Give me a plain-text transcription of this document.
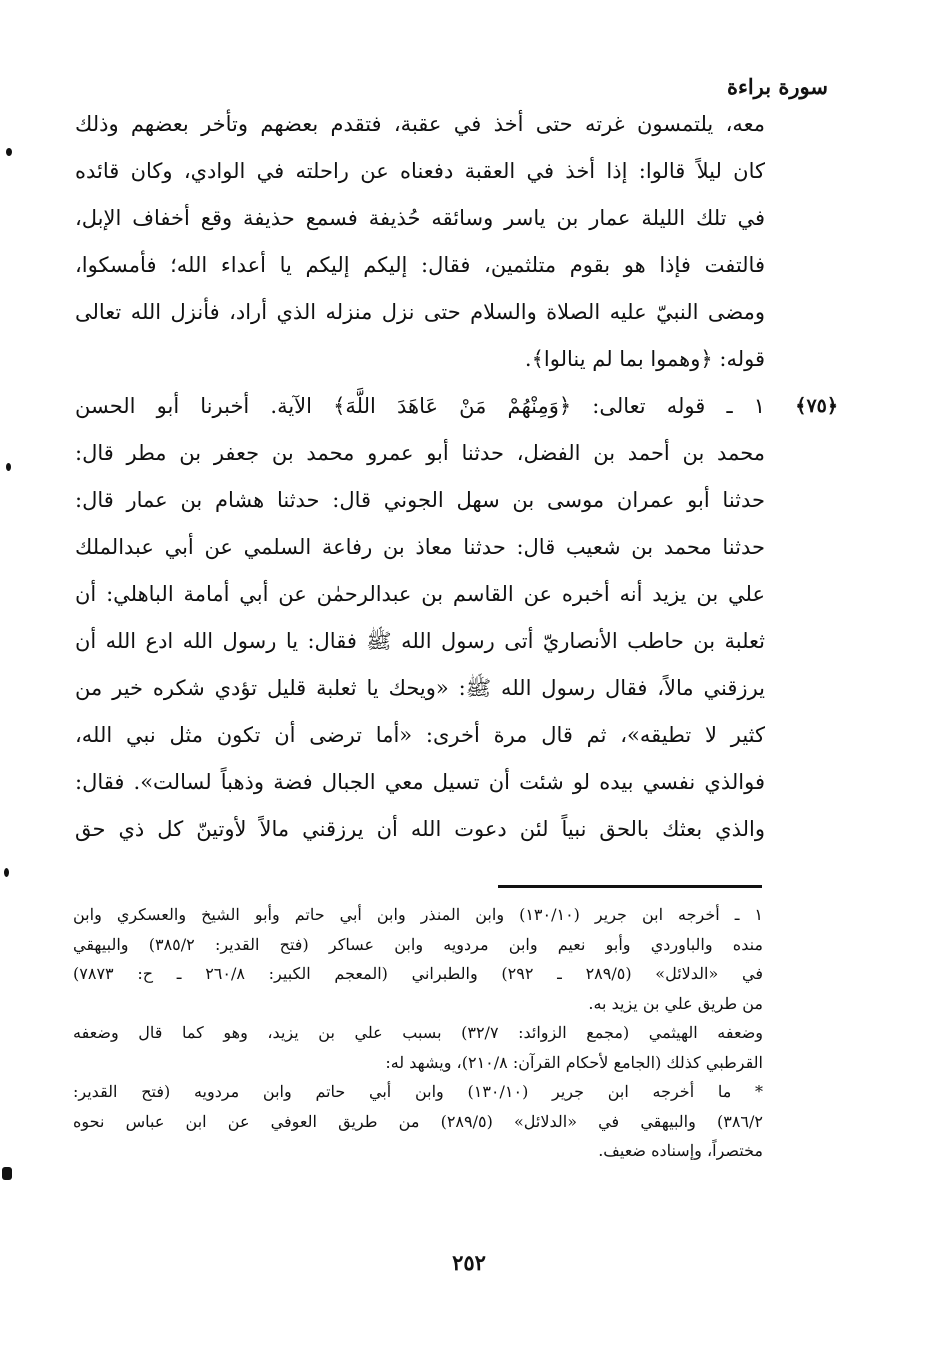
سورة براءة
معه، يلتمسون غرته حتى أخذ في عقبة، فتقدم بعضهم وتأخر بعضهم وذلك
كان ليلاً قالوا: إذا أخذ في العقبة دفعناه عن راحلته في الوادي، وكان قائده
في تلك الليلة عمار بن ياسر وسائقه حُذيفة فسمع حذيفة وقع أخفاف الإبل،
فالتفت فإذا هو بقوم متلثمين، فقال: إليكم إليكم يا أعداء الله؛ فأمسكوا،
ومضى النبيّ عليه الصلاة والسلام حتى نزل منزله الذي أراد، فأنزل الله تعالى
قوله: ﴿وهموا بما لم ينالوا﴾.
﴿٧٥﴾
١ ـ قوله تعالى: ﴿وَمِنْهُمْ مَنْ عَاهَدَ اللَّهَ﴾ الآية. أخبرنا أبو الحسن
محمد بن أحمد بن الفضل، حدثنا أبو عمرو محمد بن جعفر بن مطر قال:
حدثنا أبو عمران موسى بن سهل الجوني قال: حدثنا هشام بن عمار قال:
حدثنا محمد بن شعيب قال: حدثنا معاذ بن رفاعة السلمي عن أبي عبدالملك
علي بن يزيد أنه أخبره عن القاسم بن عبدالرحمٰن عن أبي أمامة الباهلي: أن
ثعلبة بن حاطب الأنصاريّ أتى رسول الله ﷺ فقال: يا رسول الله ادع الله أن
يرزقني مالاً، فقال رسول الله ﷺ: «ويحك يا ثعلبة قليل تؤدي شكره خير من
كثير لا تطيقه»، ثم قال مرة أخرى: «أما ترضى أن تكون مثل نبي الله،
فوالذي نفسي بيده لو شئت أن تسيل معي الجبال فضة وذهباً لسالت». فقال:
والذي بعثك بالحق نبياً لئن دعوت الله أن يرزقني مالاً لأوتينّ كل ذي حق
١ ـ أخرجه ابن جرير (١٣٠/١٠) وابن المنذر وابن أبي حاتم وأبو الشيخ والعسكري وابن
منده والباوردي وأبو نعيم وابن مردويه وابن عساكر (فتح القدير: ٣٨٥/٢) والبيهقي
في «الدلائل» (٢٨٩/٥ ـ ٢٩٢) والطبراني (المعجم الكبير: ٢٦٠/٨ ـ ح: ٧٨٧٣)
من طريق علي بن يزيد به.
وضعفه الهيثمي (مجمع الزوائد: ٣٢/٧) بسبب علي بن يزيد، وهو كما قال وضعفه
القرطبي كذلك (الجامع لأحكام القرآن: ٢١٠/٨)، ويشهد له:
* ما أخرجه ابن جرير (١٣٠/١٠) وابن أبي حاتم وابن مردويه (فتح القدير:
٣٨٦/٢) والبيهقي في «الدلائل» (٢٨٩/٥) من طريق العوفي عن ابن عباس نحوه
مختصراً، وإسناده ضعيف.
٢٥٢
